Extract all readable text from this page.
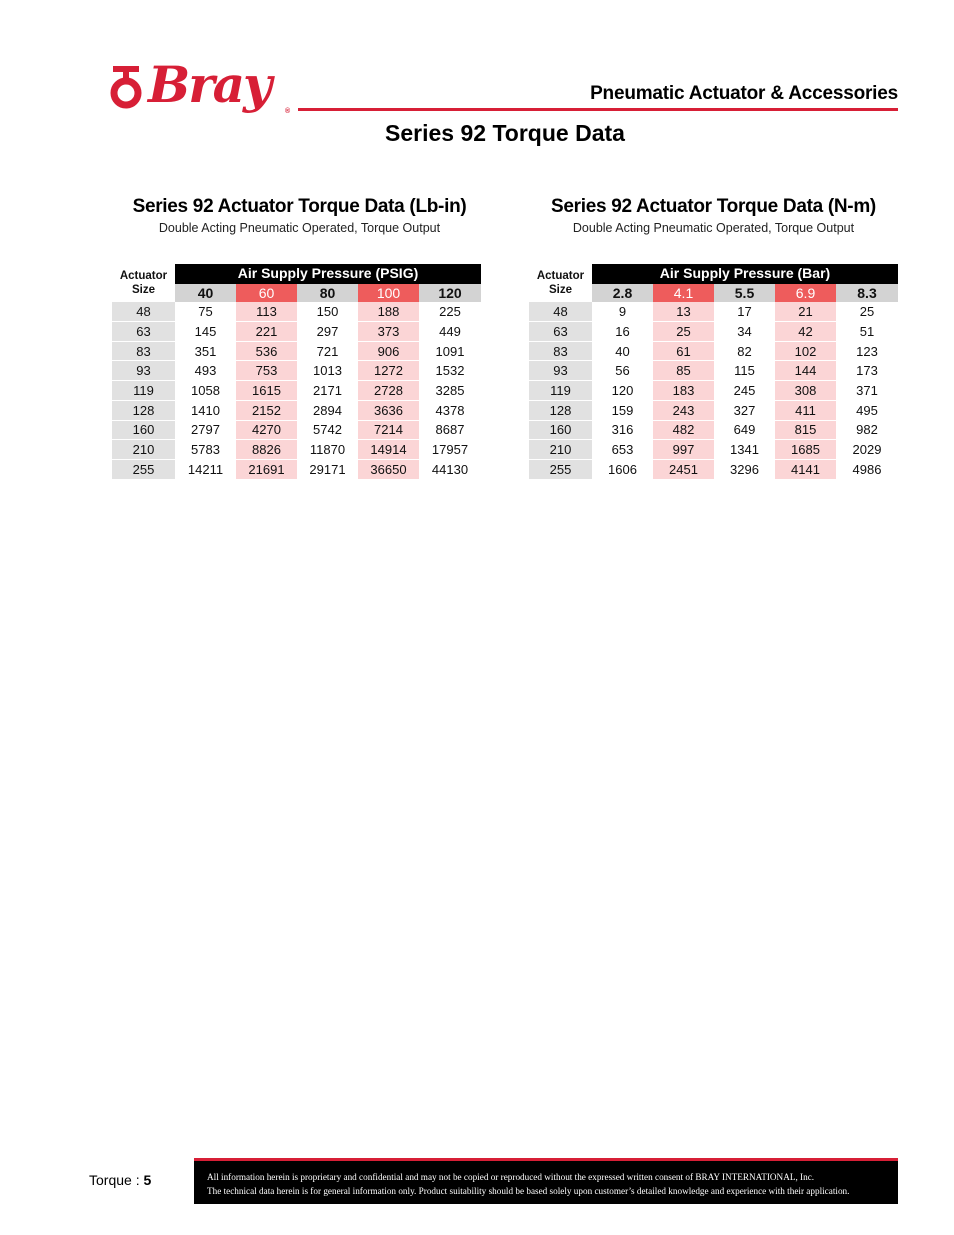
Bray ®
Pneumatic Actuator & Accessories
Series 92 Torque Data
Series 92 Actuator Torque Data (Lb-in)
Double Acting Pneumatic Operated, Torque Output
Series 92 Actuator Torque Data (N-m)
Double Acting Pneumatic Operated, Torque Output
Actuator
Size	Air Supply Pressure (PSIG)				
	40	60	80	100	120
48	75	113	150	188	225
63	145	221	297	373	449
83	351	536	721	906	1091
93	493	753	1013	1272	1532
119	1058	1615	2171	2728	3285
128	1410	2152	2894	3636	4378
160	2797	4270	5742	7214	8687
210	5783	8826	11870	14914	17957
255	14211	21691	29171	36650	44130
Actuator
Size	Air Supply Pressure (Bar)				
	2.8	4.1	5.5	6.9	8.3
48	9	13	17	21	25
63	16	25	34	42	51
83	40	61	82	102	123
93	56	85	115	144	173
119	120	183	245	308	371
128	159	243	327	411	495
160	316	482	649	815	982
210	653	997	1341	1685	2029
255	1606	2451	3296	4141	4986
Torque : 5	All information herein is proprietary and confidential and may not be copied or reproduced without the expressed written consent of BRAY INTERNATIONAL, Inc.
The technical data herein is for general information only. Product suitability should be based solely upon customer’s detailed knowledge and experience with their application.
